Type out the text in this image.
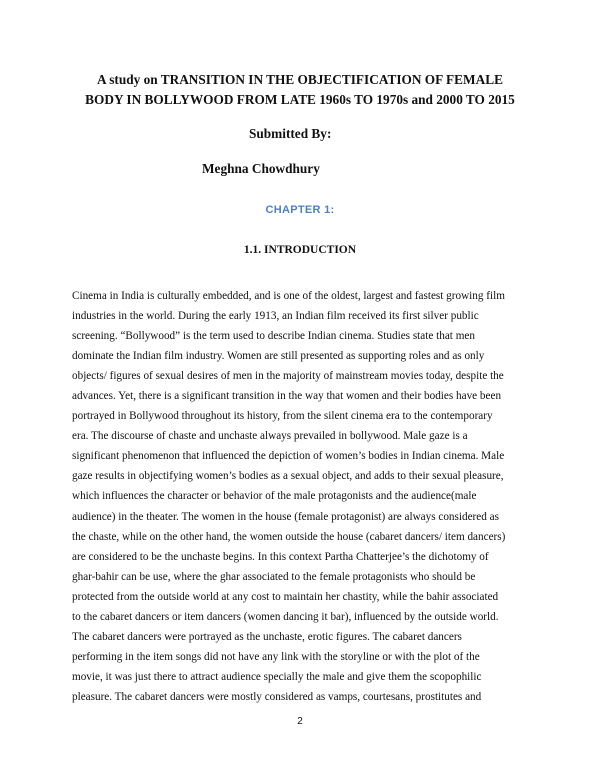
A study on TRANSITION IN THE OBJECTIFICATION OF FEMALE
BODY IN BOLLYWOOD FROM LATE 1960s TO 1970s and 2000 TO 2015
Submitted By:
Meghna Chowdhury
CHAPTER 1:
1.1. INTRODUCTION
Cinema in India is culturally embedded, and is one of the oldest, largest and fastest growing film
industries in the world. During the early 1913, an Indian film received its first silver public
screening. “Bollywood” is the term used to describe Indian cinema. Studies state that men
dominate the Indian film industry. Women are still presented as supporting roles and as only
objects/ figures of sexual desires of men in the majority of mainstream movies today, despite the
advances. Yet, there is a significant transition in the way that women and their bodies have been
portrayed in Bollywood throughout its history, from the silent cinema era to the contemporary
era. The discourse of chaste and unchaste always prevailed in bollywood. Male gaze is a
significant phenomenon that influenced the depiction of women’s bodies in Indian cinema. Male
gaze results in objectifying women’s bodies as a sexual object, and adds to their sexual pleasure,
which influences the character or behavior of the male protagonists and the audience(male
audience) in the theater. The women in the house (female protagonist) are always considered as
the chaste, while on the other hand, the women outside the house (cabaret dancers/ item dancers)
are considered to be the unchaste begins. In this context Partha Chatterjee’s the dichotomy of
ghar-bahir can be use, where the ghar associated to the female protagonists who should be
protected from the outside world at any cost to maintain her chastity, while the bahir associated
to the cabaret dancers or item dancers (women dancing it bar), influenced by the outside world.
The cabaret dancers were portrayed as the unchaste, erotic figures. The cabaret dancers
performing in the item songs did not have any link with the storyline or with the plot of the
movie, it was just there to attract audience specially the male and give them the scopophilic
pleasure. The cabaret dancers were mostly considered as vamps, courtesans, prostitutes and
2
